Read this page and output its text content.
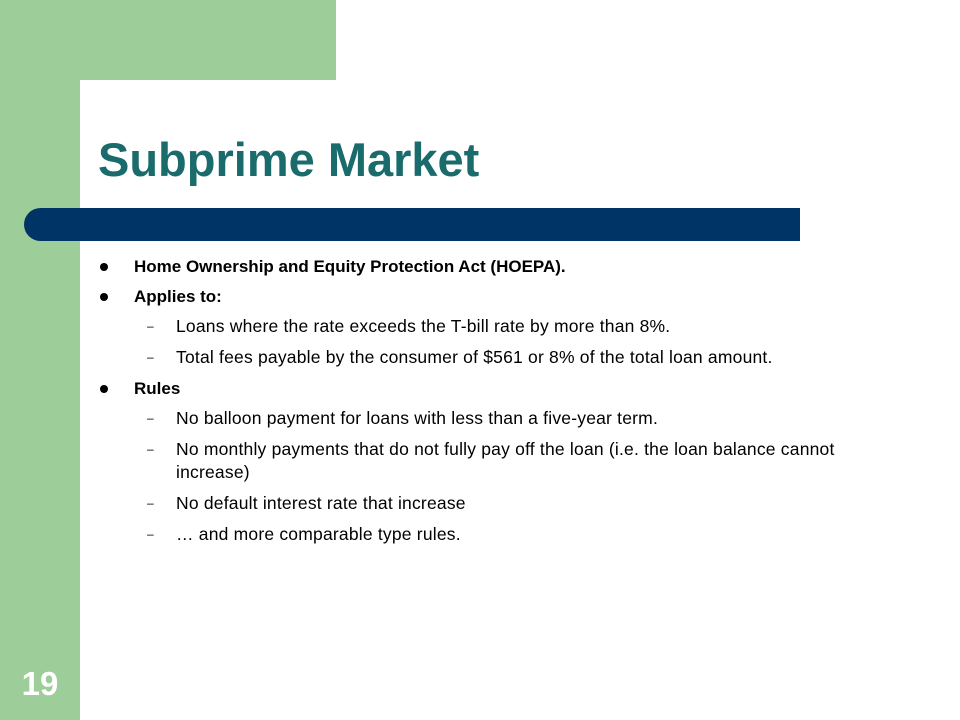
Subprime Market
Home Ownership and Equity Protection Act (HOEPA).
Applies to:
– Loans where the rate exceeds the T-bill rate by more than 8%.
– Total fees payable by the consumer of $561 or 8% of the total loan amount.
Rules
– No balloon payment for loans with less than a five-year term.
– No monthly payments that do not fully pay off the loan (i.e. the loan balance cannot increase)
– No default interest rate that increase
– … and more comparable type rules.
19
